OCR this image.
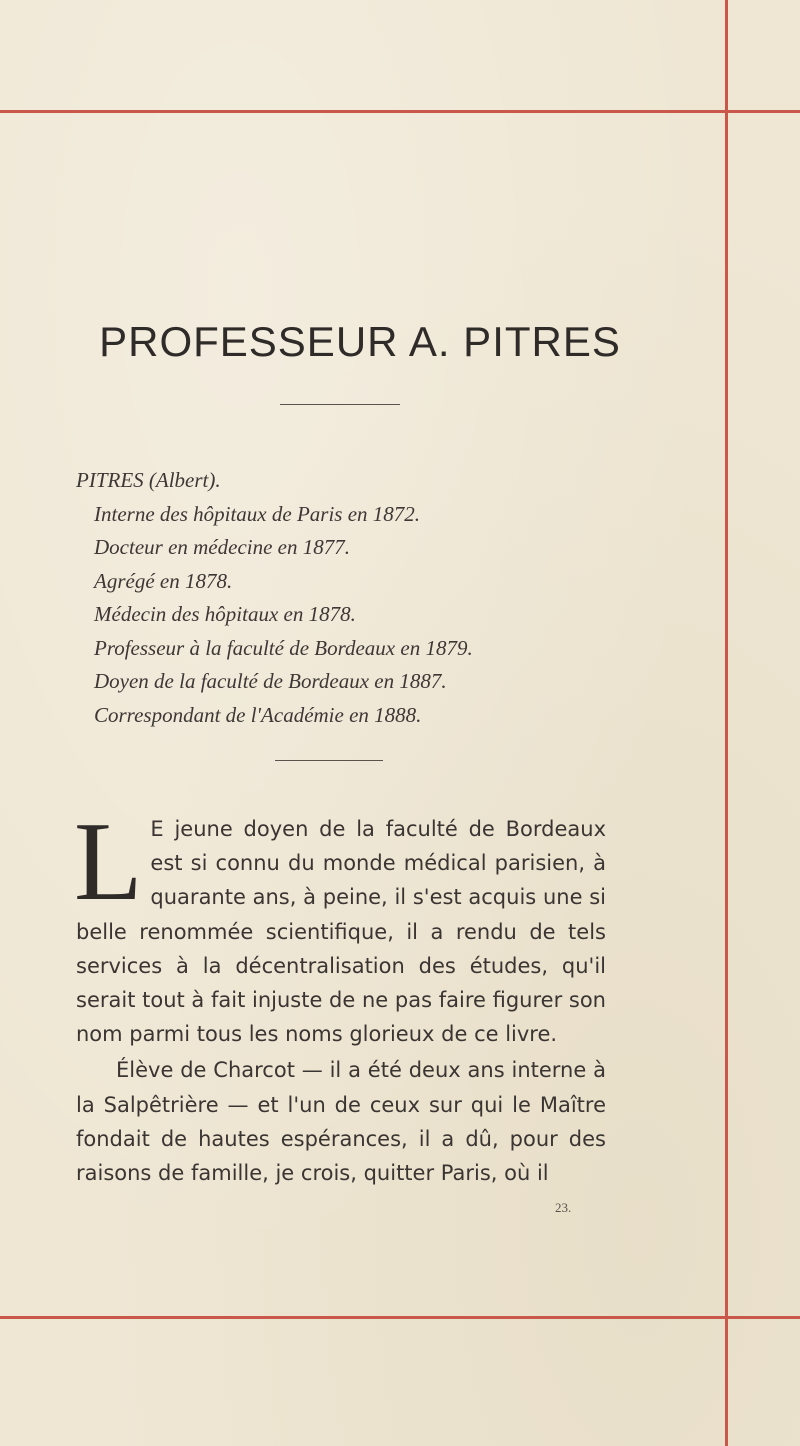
PROFESSEUR A. PITRES
PITRES (Albert).
Interne des hôpitaux de Paris en 1872.
Docteur en médecine en 1877.
Agrégé en 1878.
Médecin des hôpitaux en 1878.
Professeur à la faculté de Bordeaux en 1879.
Doyen de la faculté de Bordeaux en 1887.
Correspondant de l'Académie en 1888.

L E jeune doyen de la faculté de Bordeaux est si connu du monde médical parisien, à quarante ans, à peine, il s'est acquis une si belle renommée scientifique, il a rendu de tels services à la décentralisation des études, qu'il serait tout à fait injuste de ne pas faire figurer son nom parmi tous les noms glorieux de ce livre.

Élève de Charcot — il a été deux ans interne à la Salpêtrière — et l'un de ceux sur qui le Maître fondait de hautes espérances, il a dû, pour des raisons de famille, je crois, quitter Paris, où il

23.
